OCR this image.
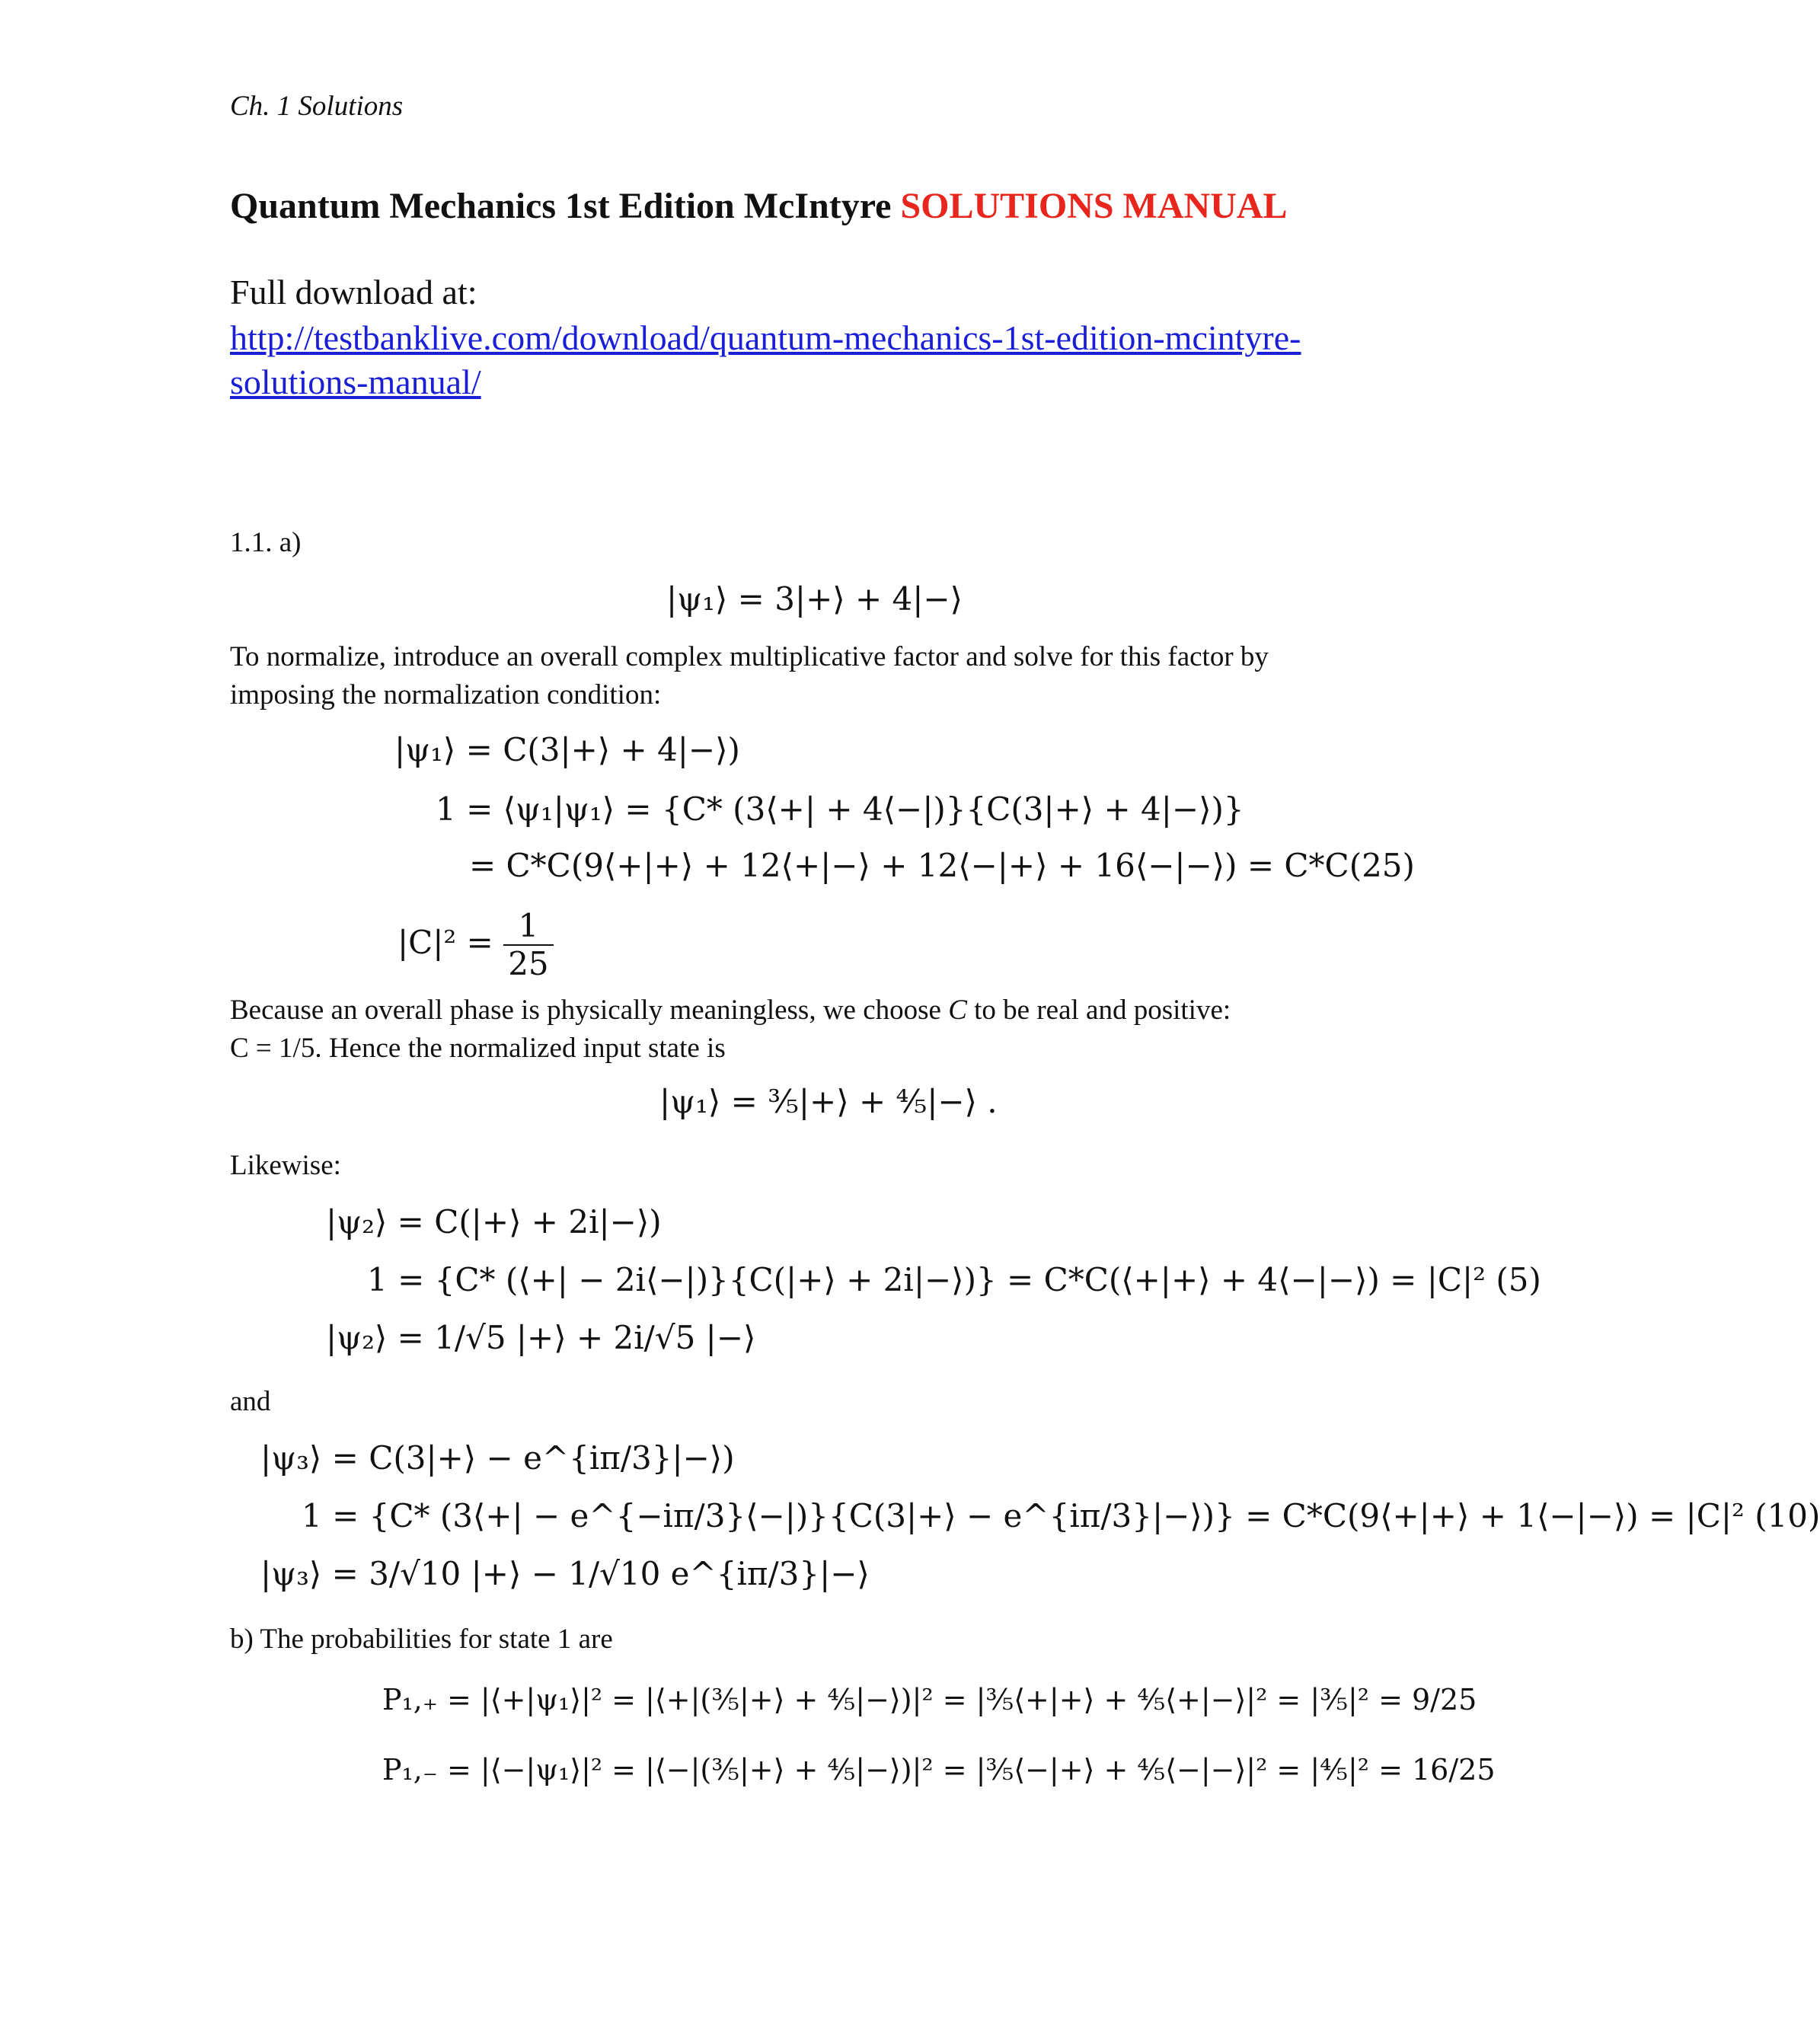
Ch. 1 Solutions
Quantum Mechanics 1st Edition McIntyre SOLUTIONS MANUAL
Full download at:
http://testbanklive.com/download/quantum-mechanics-1st-edition-mcintyre-solutions-manual/
1.1. a)
|ψ₁⟩ = 3|+⟩ + 4|−⟩
To normalize, introduce an overall complex multiplicative factor and solve for this factor by imposing the normalization condition:
|ψ₁⟩ = C(3|+⟩ + 4|−⟩)
1 = ⟨ψ₁|ψ₁⟩ = {C* (3⟨+| + 4⟨−|)}{C(3|+⟩ + 4|−⟩)}
= C*C(9⟨+|+⟩ + 12⟨+|−⟩ + 12⟨−|+⟩ + 16⟨−|−⟩) = C*C(25)
$|C|^2 = \frac{1}{25}$
Because an overall phase is physically meaningless, we choose C to be real and positive:
C = 1/5. Hence the normalized input state is
|ψ₁⟩ = ³⁄₅|+⟩ + ⁴⁄₅|−⟩ .
Likewise:
|ψ₂⟩ = C(|+⟩ + 2i|−⟩)
1 = {C* (⟨+| − 2i⟨−|)}{C(|+⟩ + 2i|−⟩)} = C*C(⟨+|+⟩ + 4⟨−|−⟩) = |C|² (5)
|ψ₂⟩ = 1/√5 |+⟩ + 2i/√5 |−⟩
and
|ψ₃⟩ = C(3|+⟩ − e^{iπ/3}|−⟩)
1 = {C* (3⟨+| − e^{−iπ/3}⟨−|)}{C(3|+⟩ − e^{iπ/3}|−⟩)} = C*C(9⟨+|+⟩ + 1⟨−|−⟩) = |C|² (10)
|ψ₃⟩ = 3/√10 |+⟩ − 1/√10 e^{iπ/3}|−⟩
b) The probabilities for state 1 are
P₁,₊ = |⟨+|ψ₁⟩|² = |⟨+|(³⁄₅|+⟩ + ⁴⁄₅|−⟩)|² = |³⁄₅⟨+|+⟩ + ⁴⁄₅⟨+|−⟩|² = |³⁄₅|² = 9/25
P₁,₋ = |⟨−|ψ₁⟩|² = |⟨−|(³⁄₅|+⟩ + ⁴⁄₅|−⟩)|² = |³⁄₅⟨−|+⟩ + ⁴⁄₅⟨−|−⟩|² = |⁴⁄₅|² = 16/25
